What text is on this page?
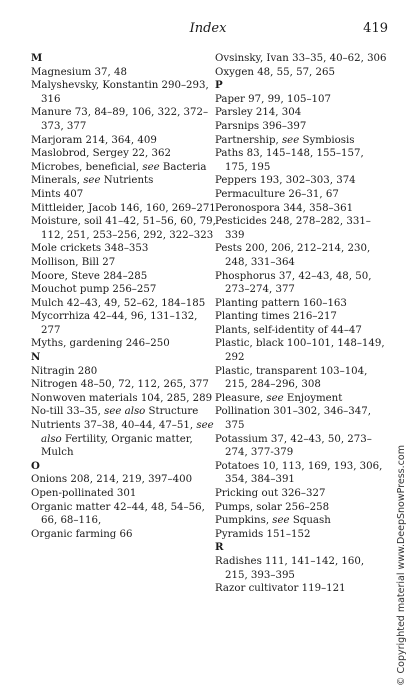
Index	419
M
Magnesium 37, 48
Malyshevsky, Konstantin 290–293, 316
Manure 73, 84–89, 106, 322, 372–373, 377
Marjoram 214, 364, 409
Maslobrod, Sergey 22, 362
Microbes, beneficial, see Bacteria
Minerals, see Nutrients
Mints 407
Mittleider, Jacob 146, 160, 269–271
Moisture, soil 41–42, 51–56, 60, 79, 112, 251, 253–256, 292, 322–323
Mole crickets 348–353
Mollison, Bill 27
Moore, Steve 284–285
Mouchot pump 256–257
Mulch 42–43, 49, 52–62, 184–185
Mycorrhiza 42–44, 96, 131–132, 277
Myths, gardening 246–250
N
Nitragin 280
Nitrogen 48–50, 72, 112, 265, 377
Nonwoven materials 104, 285, 289
No-till 33–35, see also Structure
Nutrients 37–38, 40–44, 47–51, see also Fertility, Organic matter, Mulch
O
Onions 208, 214, 219, 397–400
Open-pollinated 301
Organic matter 42–44, 48, 54–56, 66, 68–116,
Organic farming 66
Ovsinsky, Ivan 33–35, 40–62, 306
Oxygen 48, 55, 57, 265
P
Paper 97, 99, 105–107
Parsley 214, 304
Parsnips 396–397
Partnership, see Symbiosis
Paths 83, 145–148, 155–157, 175, 195
Peppers 193, 302–303, 374
Permaculture 26–31, 67
Peronospora 344, 358–361
Pesticides 248, 278–282, 331–339
Pests 200, 206, 212–214, 230, 248, 331–364
Phosphorus 37, 42–43, 48, 50, 273–274, 377
Planting pattern 160–163
Planting times 216–217
Plants, self-identity of 44–47
Plastic, black 100–101, 148–149, 292
Plastic, transparent 103–104, 215, 284–296, 308
Pleasure, see Enjoyment
Pollination 301–302, 346–347, 375
Potassium 37, 42–43, 50, 273–274, 377-379
Potatoes 10, 113, 169, 193, 306, 354, 384–391
Pricking out 326–327
Pumps, solar 256–258
Pumpkins, see Squash
Pyramids 151–152
R
Radishes 111, 141–142, 160, 215, 393–395
Razor cultivator 119–121	© Copyrighted material www.DeepSnowPress.com
